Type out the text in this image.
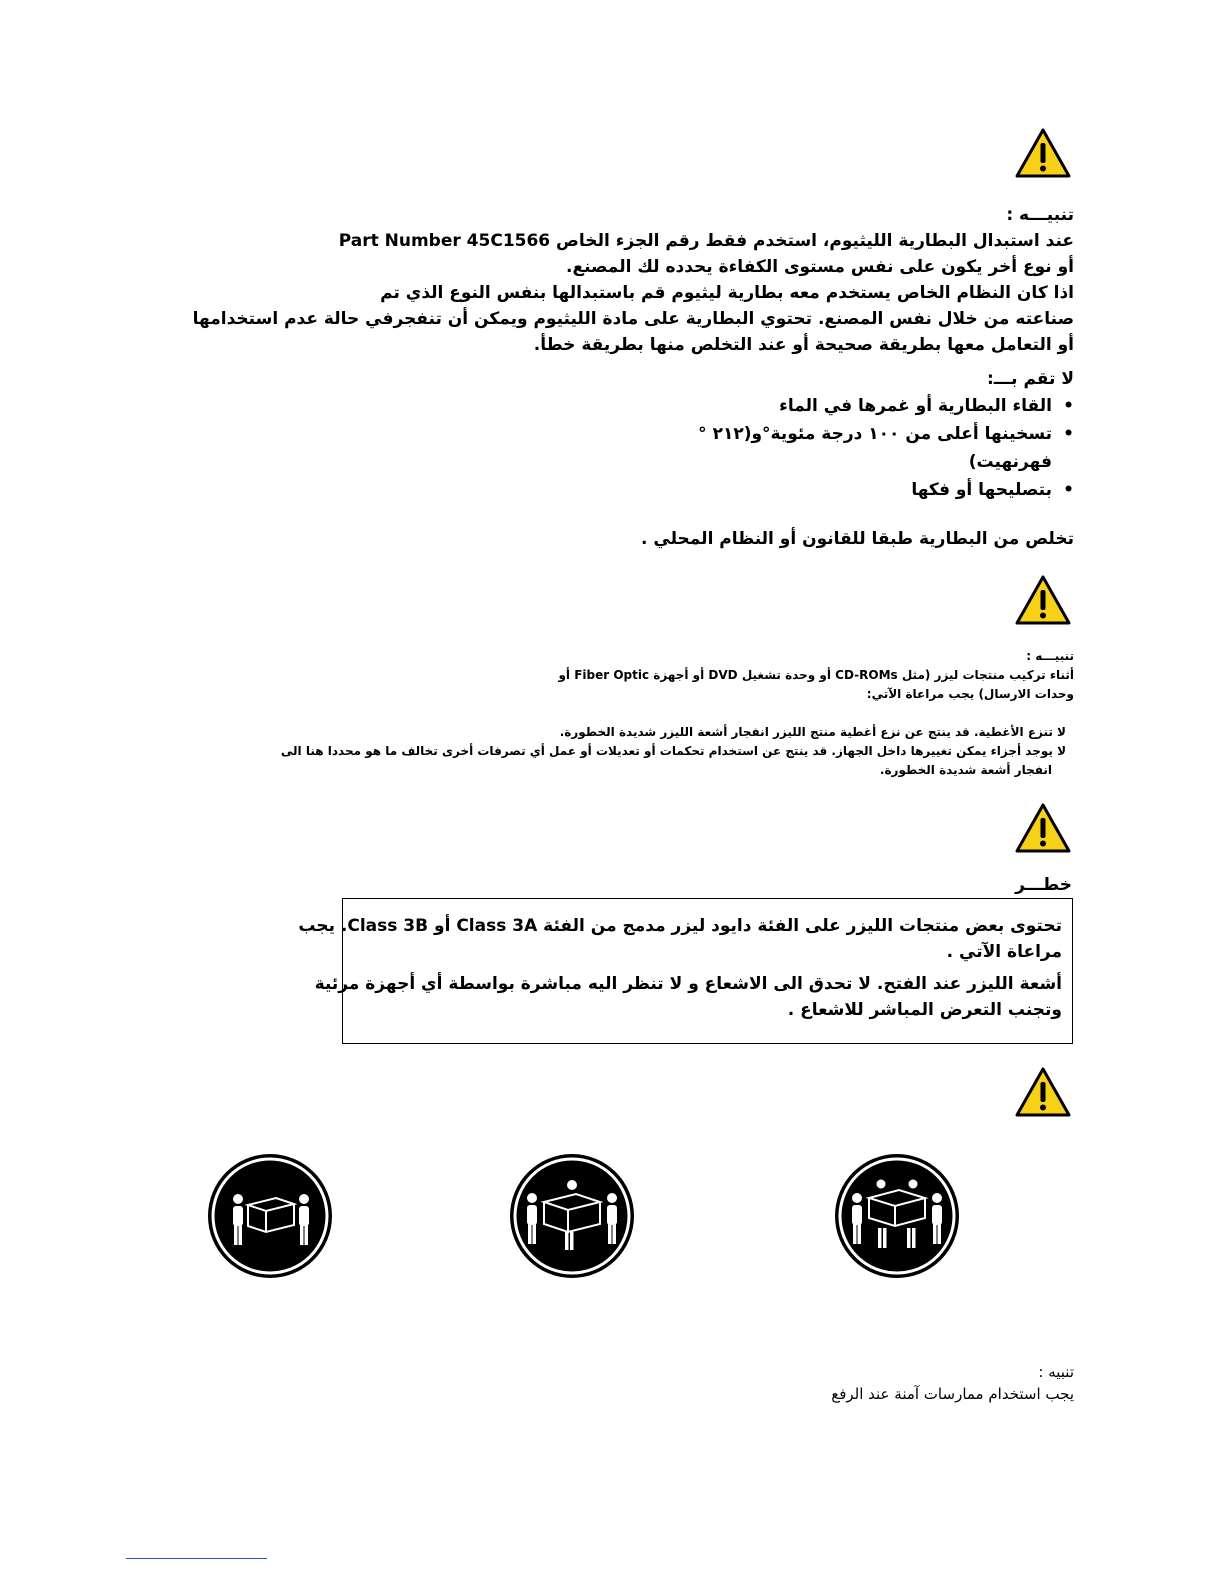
تنبيـــه :
عند استبدال البطارية الليثيوم، استخدم فقط رقم الجزء الخاص Part Number 45C1566
أو نوع أخر يكون على نفس مستوى الكفاءة يحدده لك المصنع.
اذا كان النظام الخاص يستخدم معه بطارية ليثيوم قم باستبدالها بنفس النوع الذي تم
صناعته من خلال نفس المصنع. تحتوي البطارية على مادة الليثيوم ويمكن أن تنفجرفي حالة عدم استخدامها
أو التعامل معها بطريقة صحيحة أو عند التخلص منها بطريقة خطأ.
لا تقم بـــ:
• القاء البطارية أو غمرها في الماء
• تسخينها أعلى من ١٠٠ درجة مئوية°و(٢١٢ °
فهرنهيت)
• بتصليحها أو فكها
تخلص من البطارية طبقا للقانون أو النظام المحلي .
تنبيـــه :
أثناء تركيب منتجات ليزر (مثل CD-ROMs أو وحدة تشغيل DVD أو أجهزة Fiber Optic أو
وحدات الارسال) يجب مراعاة الآتي:
لا تنزع الأغطية. قد ينتج عن نزع أغطية منتج الليزر انفجار أشعة الليزر شديدة الخطورة.
لا يوجد أجزاء يمكن تغييرها داخل الجهاز. قد ينتج عن استخدام تحكمات أو تعديلات أو عمل أي تصرفات أخرى تخالف ما هو محددا هنا الى
انفجار أشعة شديدة الخطورة.
خطـــر
تحتوى بعض منتجات الليزر على الفئة دايود ليزر مدمج من الفئة Class 3A أو Class 3B. يجب
مراعاة الآتي .
أشعة الليزر عند الفتح. لا تحدق الى الاشعاع و لا تنظر اليه مباشرة بواسطة أي أجهزة مرئية
وتجنب التعرض المباشر للاشعاع .
تنبيه :
يجب استخدام ممارسات آمنة عند الرفع
